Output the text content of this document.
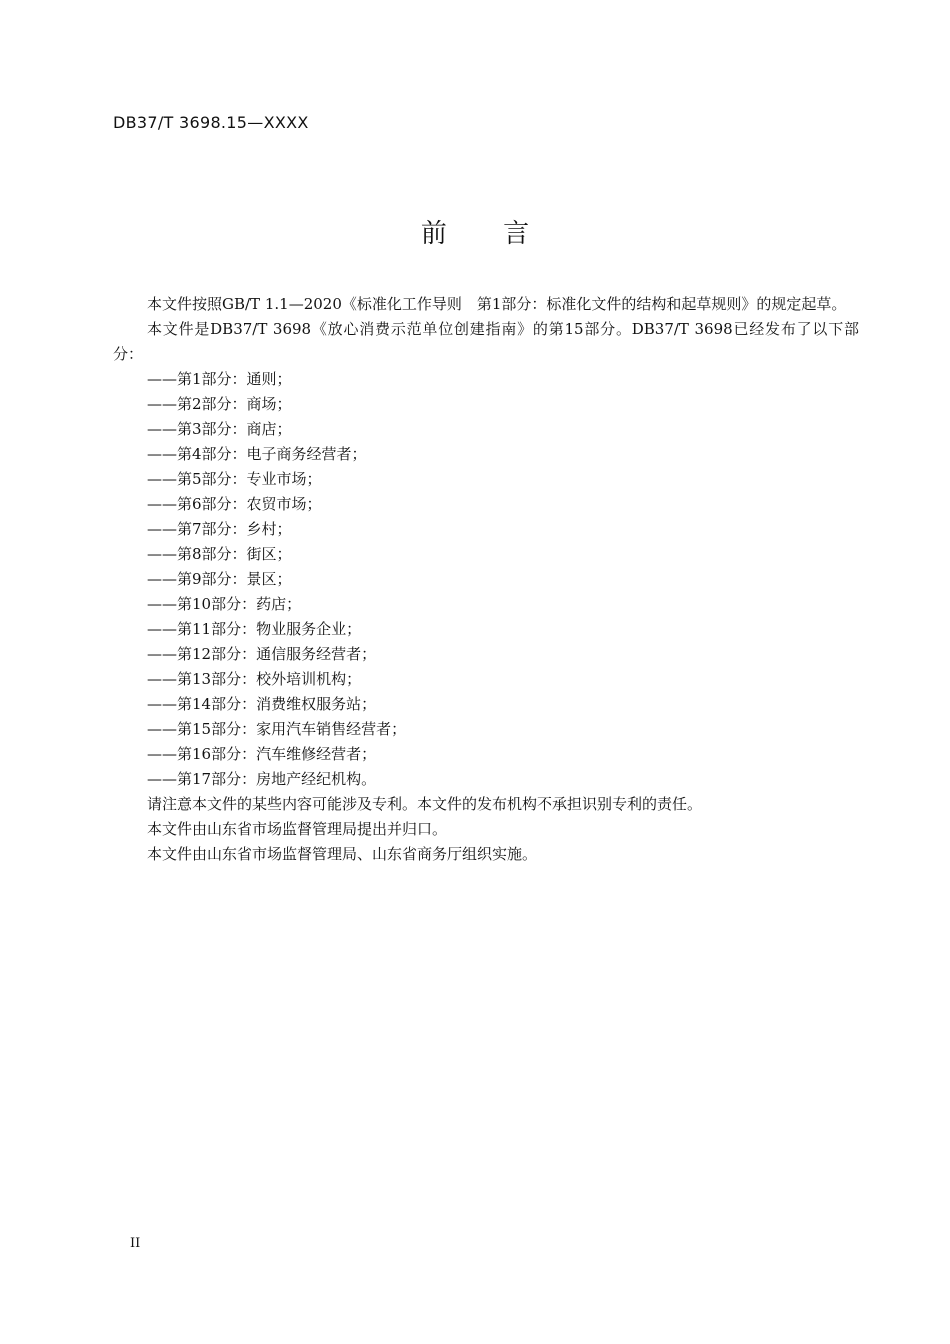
DB37/T 3698.15—XXXX
前 言

本文件按照GB/T 1.1—2020《标准化工作导则　第1部分：标准化文件的结构和起草规则》的规定起草。

本文件是DB37/T 3698《放心消费示范单位创建指南》的第15部分。DB37/T 3698已经发布了以下部分：

——第1部分：通则；
——第2部分：商场；
——第3部分：商店；
——第4部分：电子商务经营者；
——第5部分：专业市场；
——第6部分：农贸市场；
——第7部分：乡村；
——第8部分：街区；
——第9部分：景区；
——第10部分：药店；
——第11部分：物业服务企业；
——第12部分：通信服务经营者；
——第13部分：校外培训机构；
——第14部分：消费维权服务站；
——第15部分：家用汽车销售经营者；
——第16部分：汽车维修经营者；
——第17部分：房地产经纪机构。

请注意本文件的某些内容可能涉及专利。本文件的发布机构不承担识别专利的责任。

本文件由山东省市场监督管理局提出并归口。

本文件由山东省市场监督管理局、山东省商务厅组织实施。

II
